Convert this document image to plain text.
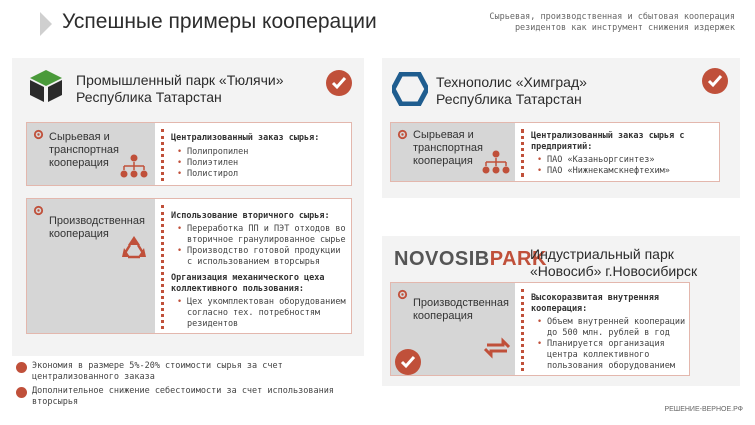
Успешные примеры кооперации	Сырьевая, производственная и сбытовая кооперация резидентов как инструмент снижения издержек
Промышленный парк «Тюлячи»
Республика Татарстан
Сырьевая и транспортная кооперация
Централизованный заказ сырья:
• Полипропилен
• Полиэтилен
• Полистирол
Производственная кооперация
Использование вторичного сырья:
• Переработка ПП и ПЭТ отходов во вторичное гранулированное сырье
• Производство готовой продукции с использованием вторсырья
Организация механического цеха коллективного пользования:
• Цех укомплектован оборудованием согласно тех. потребностям резидентов
Технополис «Химград»
Республика Татарстан
Сырьевая и транспортная кооперация
Централизованный заказ сырья с предприятий:
• ПАО «Казаньоргсинтез»
• ПАО «Нижнекамскнефтехим»
NOVOSIBPARK
Индустриальный парк
«Новосиб» г.Новосибирск
Производственная кооперация
Высокоразвитая внутренняя кооперация:
• Объем внутренней кооперации до 500 млн. рублей в год
• Планируется организация центра коллективного пользования оборудованием
Экономия в размере 5%-20% стоимости сырья за счет централизованного заказа
Дополнительное снижение себестоимости за счет использования вторсырья
РЕШЕНИЕ-ВЕРНОЕ.РФ
